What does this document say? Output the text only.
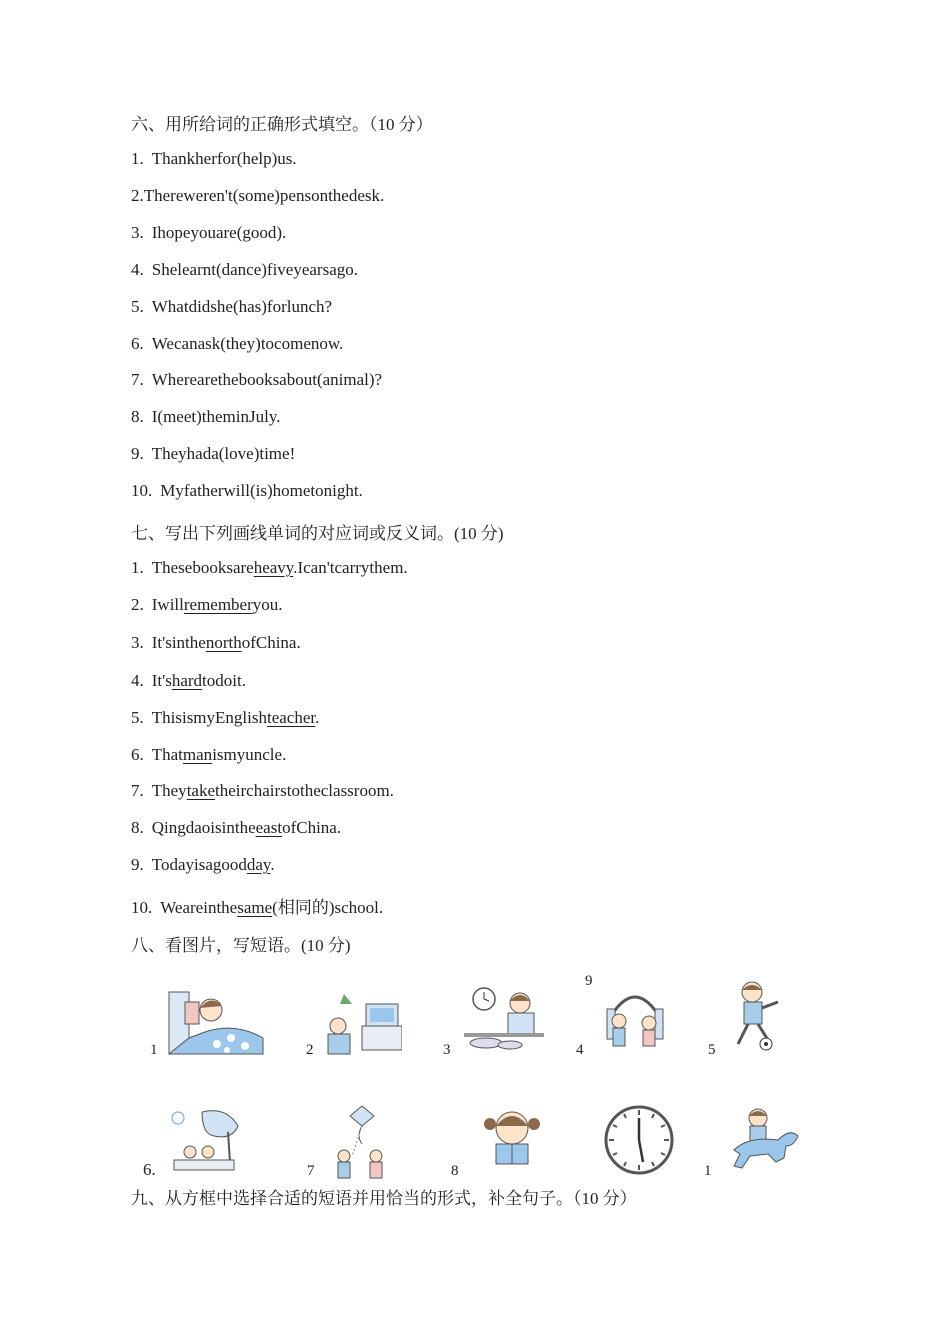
六、用所给词的正确形式填空。（10 分）
1. Thankherfor(help)us.
2.Thereweren't(some)pensonthedesk.
3. Ihopeyouare(good).
4. Shelearnt(dance)fiveyearsago.
5. Whatdidshe(has)forlunch?
6. Wecanask(they)tocomenow.
7. Wherearethebooksabout(animal)?
8. I(meet)theminJuly.
9. Theyhada(love)time!
10. Myfatherwill(is)hometonight.
七、写出下列画线单词的对应词或反义词。(10 分)
1. Thesebooksareheavy.Ican'tcarrythem.
2. Iwillrememberyou.
3. It'sinthenorthofChina.
4. It'shardtodoit.
5. ThisismyEnglishteacher.
6. Thatmanismyuncle.
7. Theytaketheirchairstotheclassroom.
8. QingdaoisintheeastofChina.
9. Todayisagoodday.
10. Weareinthesame(相同的)school.
八、看图片，写短语。(10 分)
1	2	3
9
4	5
6.	7	8	1
九、从方框中选择合适的短语并用恰当的形式，补全句子。（10 分）
